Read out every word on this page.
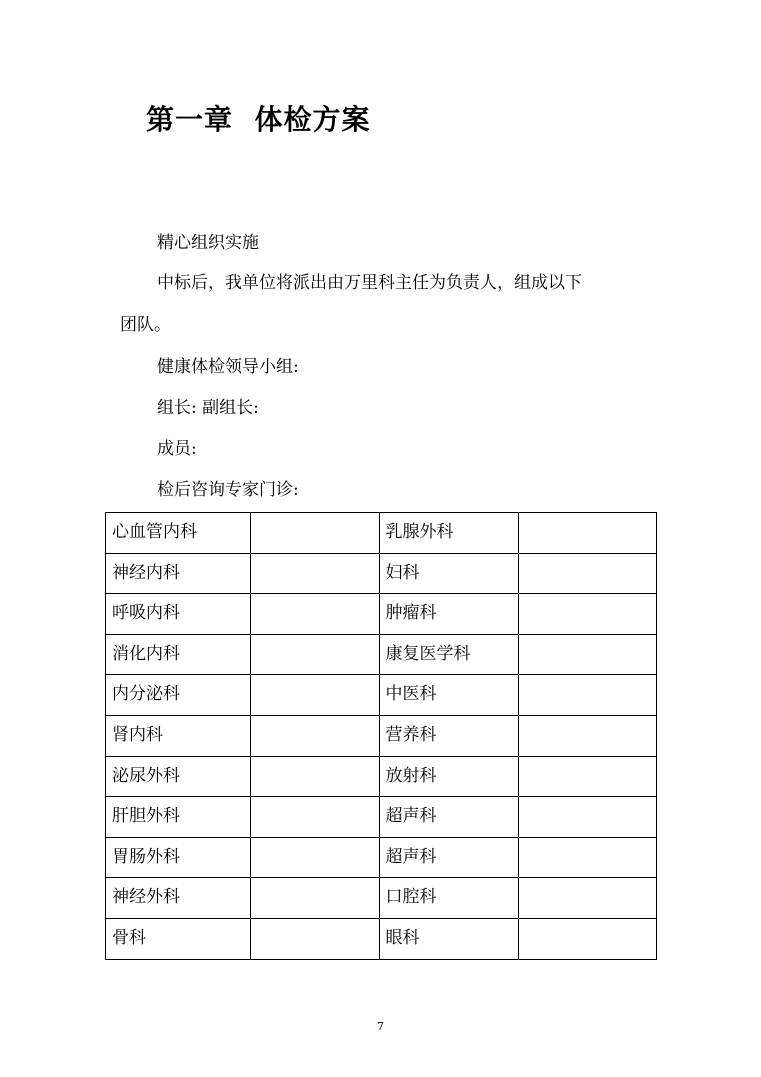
第一章  体检方案
精心组织实施
中标后，我单位将派出由万里科主任为负责人，组成以下
团队。
健康体检领导小组:
组长: 副组长:
成员:
检后咨询专家门诊:
心血管内科		乳腺外科	
神经内科		妇科	
呼吸内科		肿瘤科	
消化内科		康复医学科	
内分泌科		中医科	
肾内科		营养科	
泌尿外科		放射科	
肝胆外科		超声科	
胃肠外科		超声科	
神经外科		口腔科	
骨科		眼科	
7
